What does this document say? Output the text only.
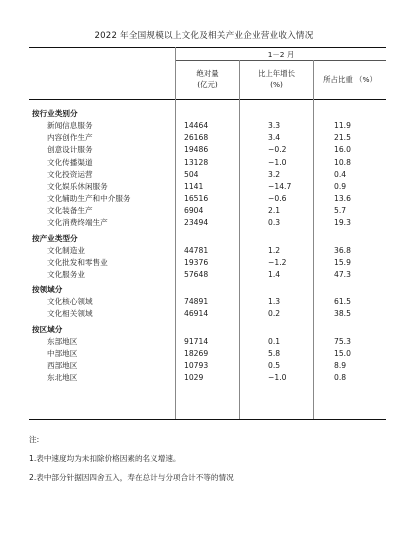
2022 年全国规模以上文化及相关产业企业营业收入情况
1－2 月
绝对量
(亿元)
比上年增长
(%)
所占比重 （%）
按行业类别分
新闻信息服务	14464	3.3	11.9
内容创作生产	26168	3.4	21.5
创意设计服务	19486	−0.2	16.0
文化传播渠道	13128	−1.0	10.8
文化投资运营	504	3.2	0.4
文化娱乐休闲服务	1141	−14.7	0.9
文化辅助生产和中介服务	16516	−0.6	13.6
文化装备生产	6904	2.1	5.7
文化消费终端生产	23494	0.3	19.3
按产业类型分
文化制造业	44781	1.2	36.8
文化批发和零售业	19376	−1.2	15.9
文化服务业	57648	1.4	47.3
按领域分
文化核心领域	74891	1.3	61.5
文化相关领域	46914	0.2	38.5
按区域分
东部地区	91714	0.1	75.3
中部地区	18269	5.8	15.0
西部地区	10793	0.5	8.9
东北地区	1029	−1.0	0.8
注:
1.表中速度均为未扣除价格因素的名义增速。
2.表中部分针据因四舍五入，寿在总计与分项合计不等的情况
